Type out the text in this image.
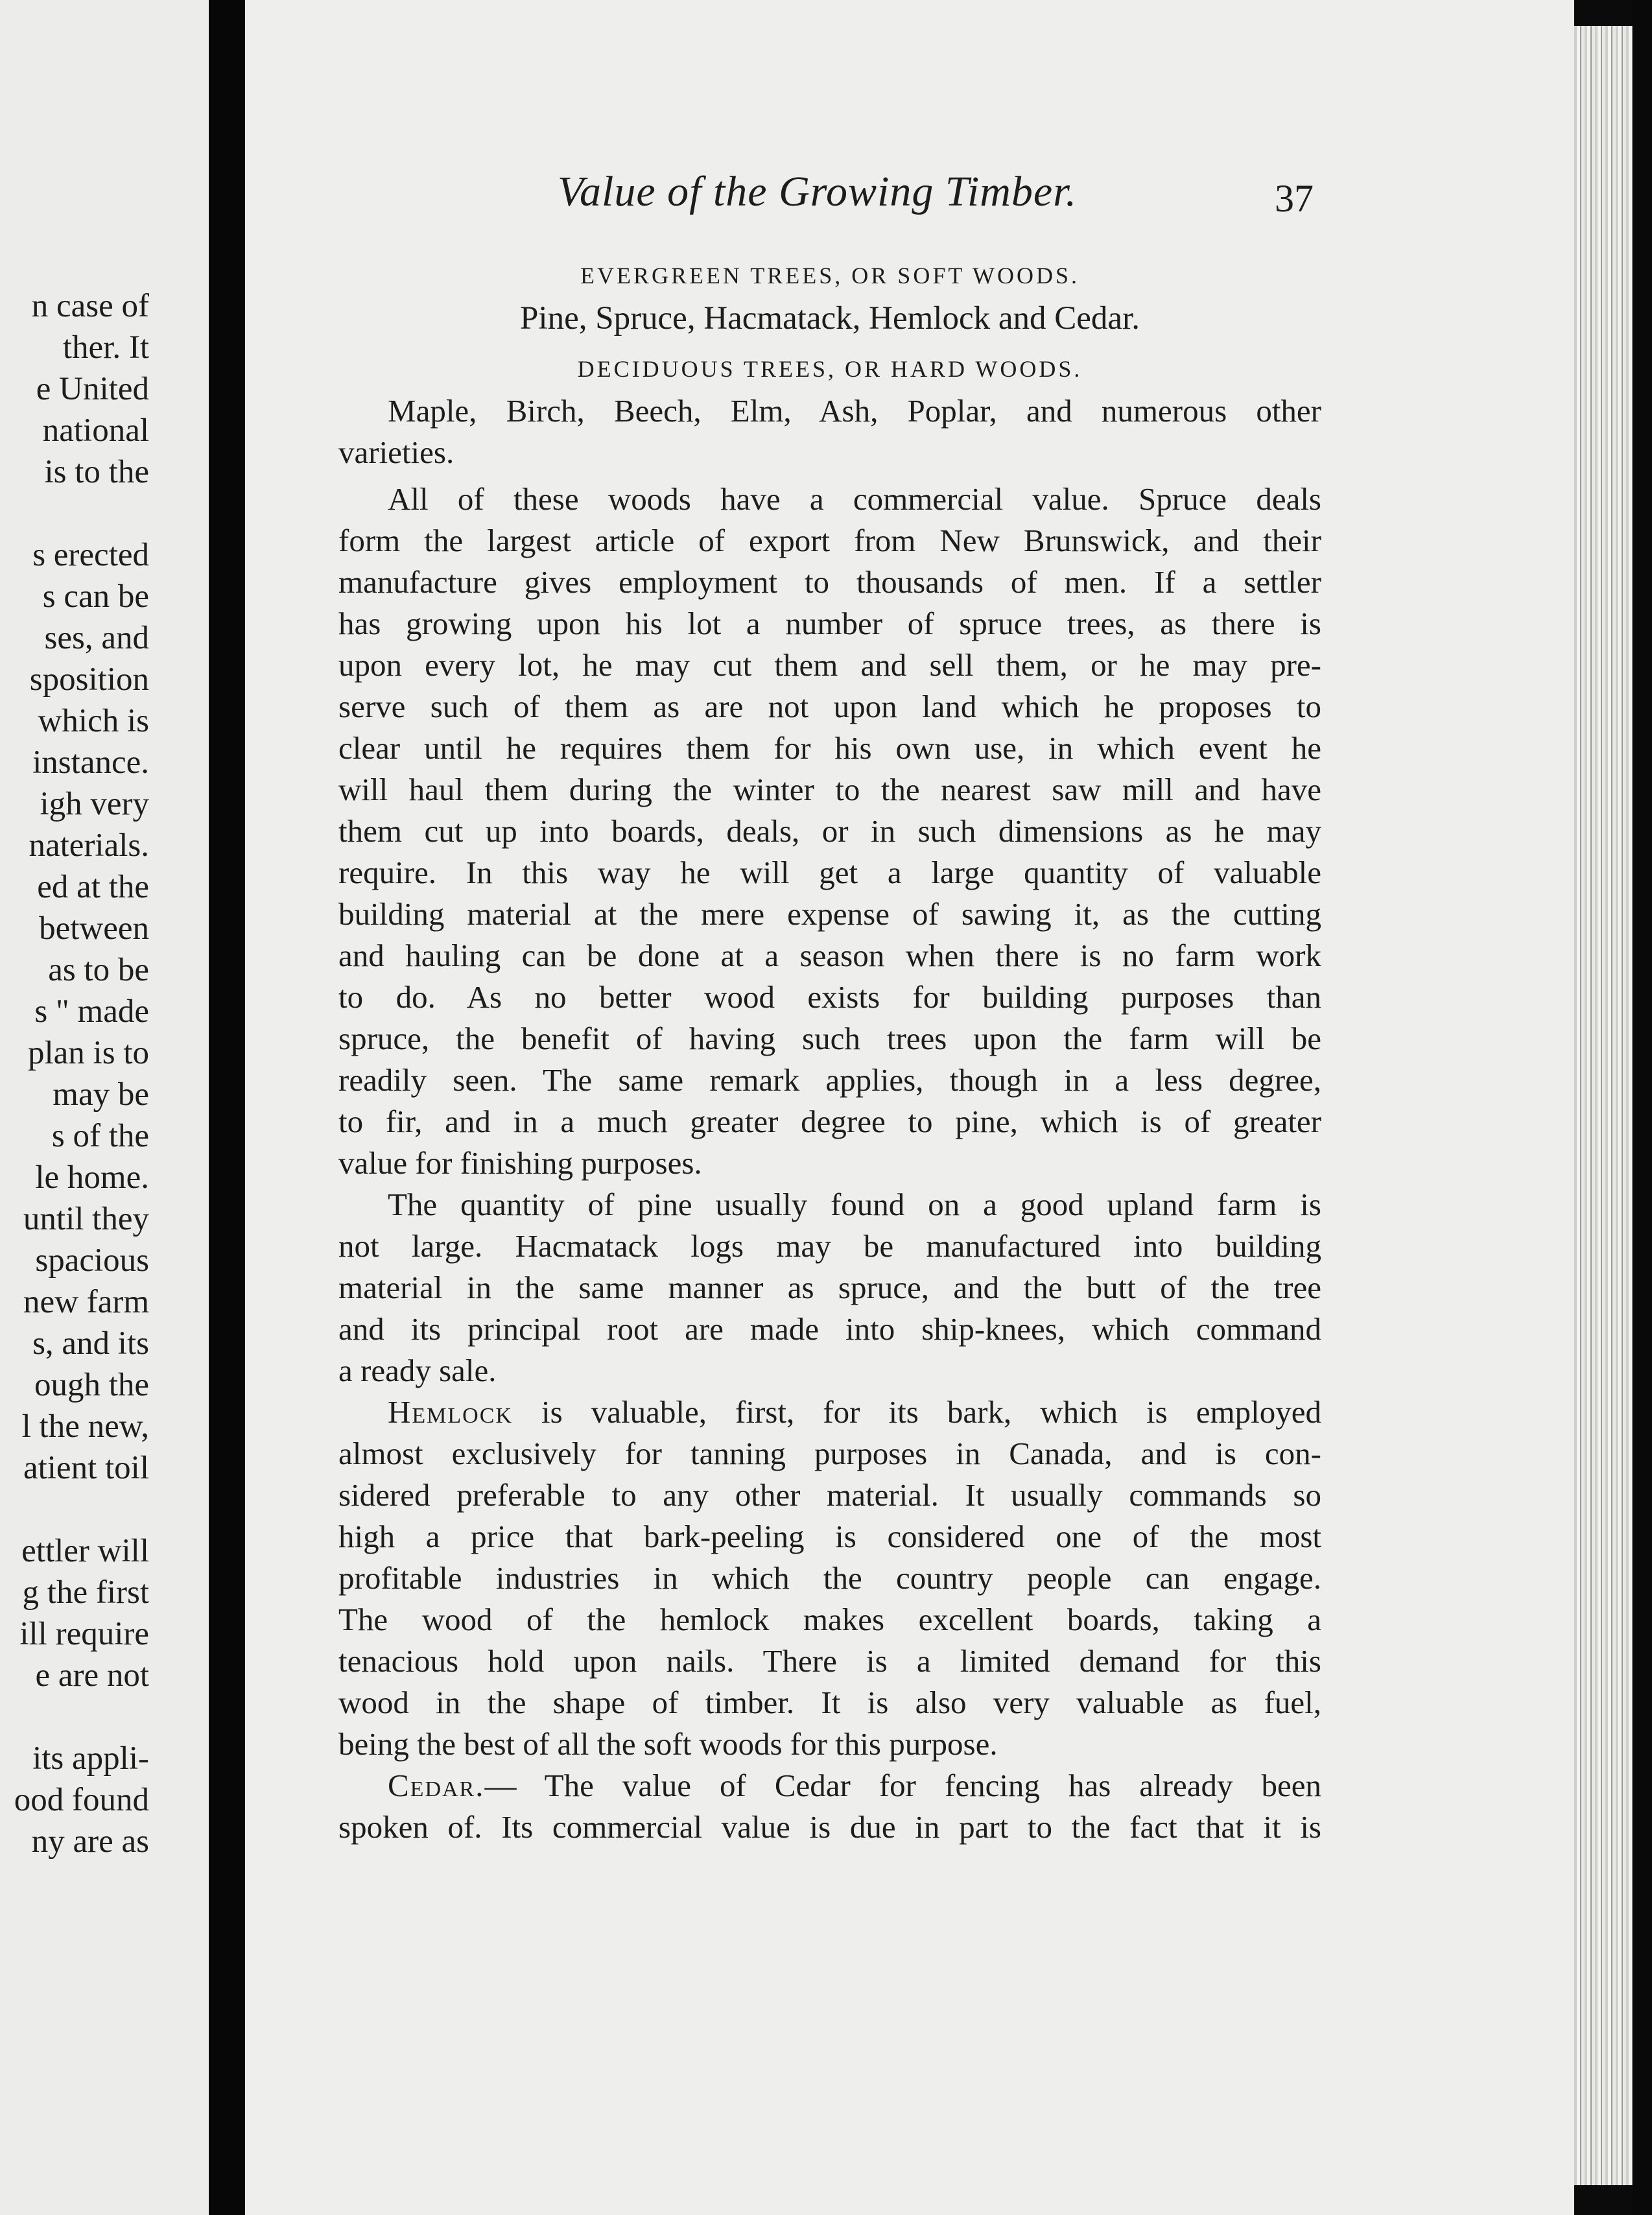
n case of
ther. It
e United
national
is to the
s erected
s can be
ses, and
sposition
which is
instance.
igh very
naterials.
ed at the
between
as to be
s " made
plan is to
may be
s of the
le home.
until they
spacious
new farm
s, and its
ough the
l the new,
atient toil
ettler will
g the first
ill require
e are not
its appli-
ood found
ny are as
Value of the Growing Timber.	37
EVERGREEN TREES, OR SOFT WOODS.
Pine, Spruce, Hacmatack, Hemlock and Cedar.
DECIDUOUS TREES, OR HARD WOODS.
Maple, Birch, Beech, Elm, Ash, Poplar, and numerous other
varieties.
All of these woods have a commercial value. Spruce deals
form the largest article of export from New Brunswick, and their
manufacture gives employment to thousands of men. If a settler
has growing upon his lot a number of spruce trees, as there is
upon every lot, he may cut them and sell them, or he may pre-
serve such of them as are not upon land which he proposes to
clear until he requires them for his own use, in which event he
will haul them during the winter to the nearest saw mill and have
them cut up into boards, deals, or in such dimensions as he may
require. In this way he will get a large quantity of valuable
building material at the mere expense of sawing it, as the cutting
and hauling can be done at a season when there is no farm work
to do. As no better wood exists for building purposes than
spruce, the benefit of having such trees upon the farm will be
readily seen. The same remark applies, though in a less degree,
to fir, and in a much greater degree to pine, which is of greater
value for finishing purposes.
The quantity of pine usually found on a good upland farm is
not large. Hacmatack logs may be manufactured into building
material in the same manner as spruce, and the butt of the tree
and its principal root are made into ship-knees, which command
a ready sale.
Hemlock is valuable, first, for its bark, which is employed
almost exclusively for tanning purposes in Canada, and is con-
sidered preferable to any other material. It usually commands so
high a price that bark-peeling is considered one of the most
profitable industries in which the country people can engage.
The wood of the hemlock makes excellent boards, taking a
tenacious hold upon nails. There is a limited demand for this
wood in the shape of timber. It is also very valuable as fuel,
being the best of all the soft woods for this purpose.
Cedar.— The value of Cedar for fencing has already been
spoken of. Its commercial value is due in part to the fact that it is
